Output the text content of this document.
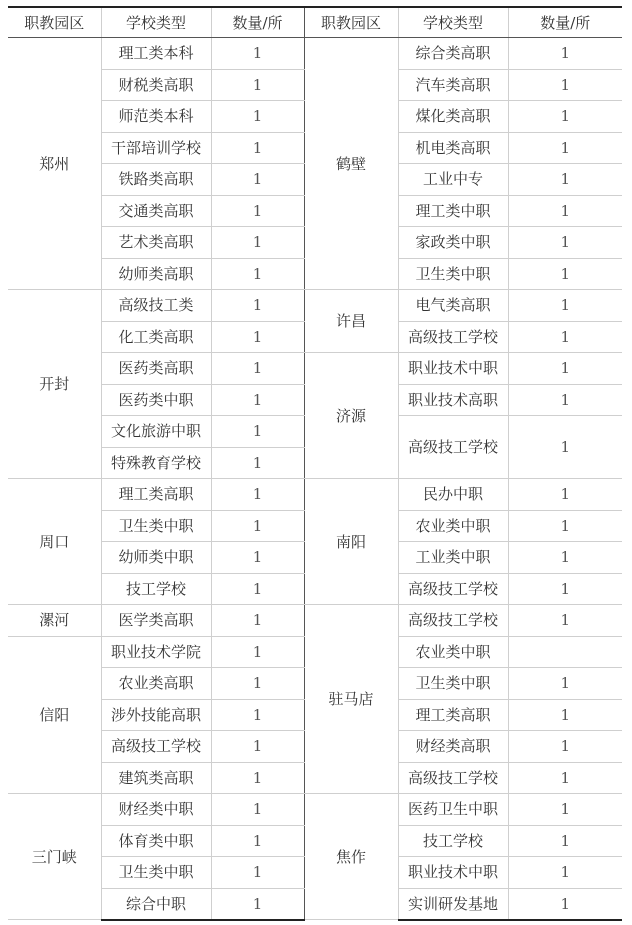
职教园区	学校类型	数量/所	职教园区	学校类型	数量/所
郑州	理工类本科	1	鹤壁	综合类高职	1
	财税类高职	1		汽车类高职	1
	师范类本科	1		煤化类高职	1
	干部培训学校	1		机电类高职	1
	铁路类高职	1		工业中专	1
	交通类高职	1		理工类中职	1
	艺术类高职	1		家政类中职	1
	幼师类高职	1		卫生类中职	1
开封	高级技工类	1	许昌	电气类高职	1
	化工类高职	1		高级技工学校	1
	医药类高职	1	济源	职业技术中职	1
	医药类中职	1		职业技术高职	1
	文化旅游中职	1		高级技工学校	1
	特殊教育学校	1			
周口	理工类高职	1	南阳	民办中职	1
	卫生类中职	1		农业类中职	1
	幼师类中职	1		工业类中职	1
	技工学校	1		高级技工学校	1
漯河	医学类高职	1	驻马店	高级技工学校	1
信阳	职业技术学院	1		农业类中职	
	农业类高职	1		卫生类中职	1
	涉外技能高职	1		理工类高职	1
	高级技工学校	1		财经类高职	1
	建筑类高职	1		高级技工学校	1
三门峡	财经类中职	1	焦作	医药卫生中职	1
	体育类中职	1		技工学校	1
	卫生类中职	1		职业技术中职	1
	综合中职	1		实训研发基地	1
